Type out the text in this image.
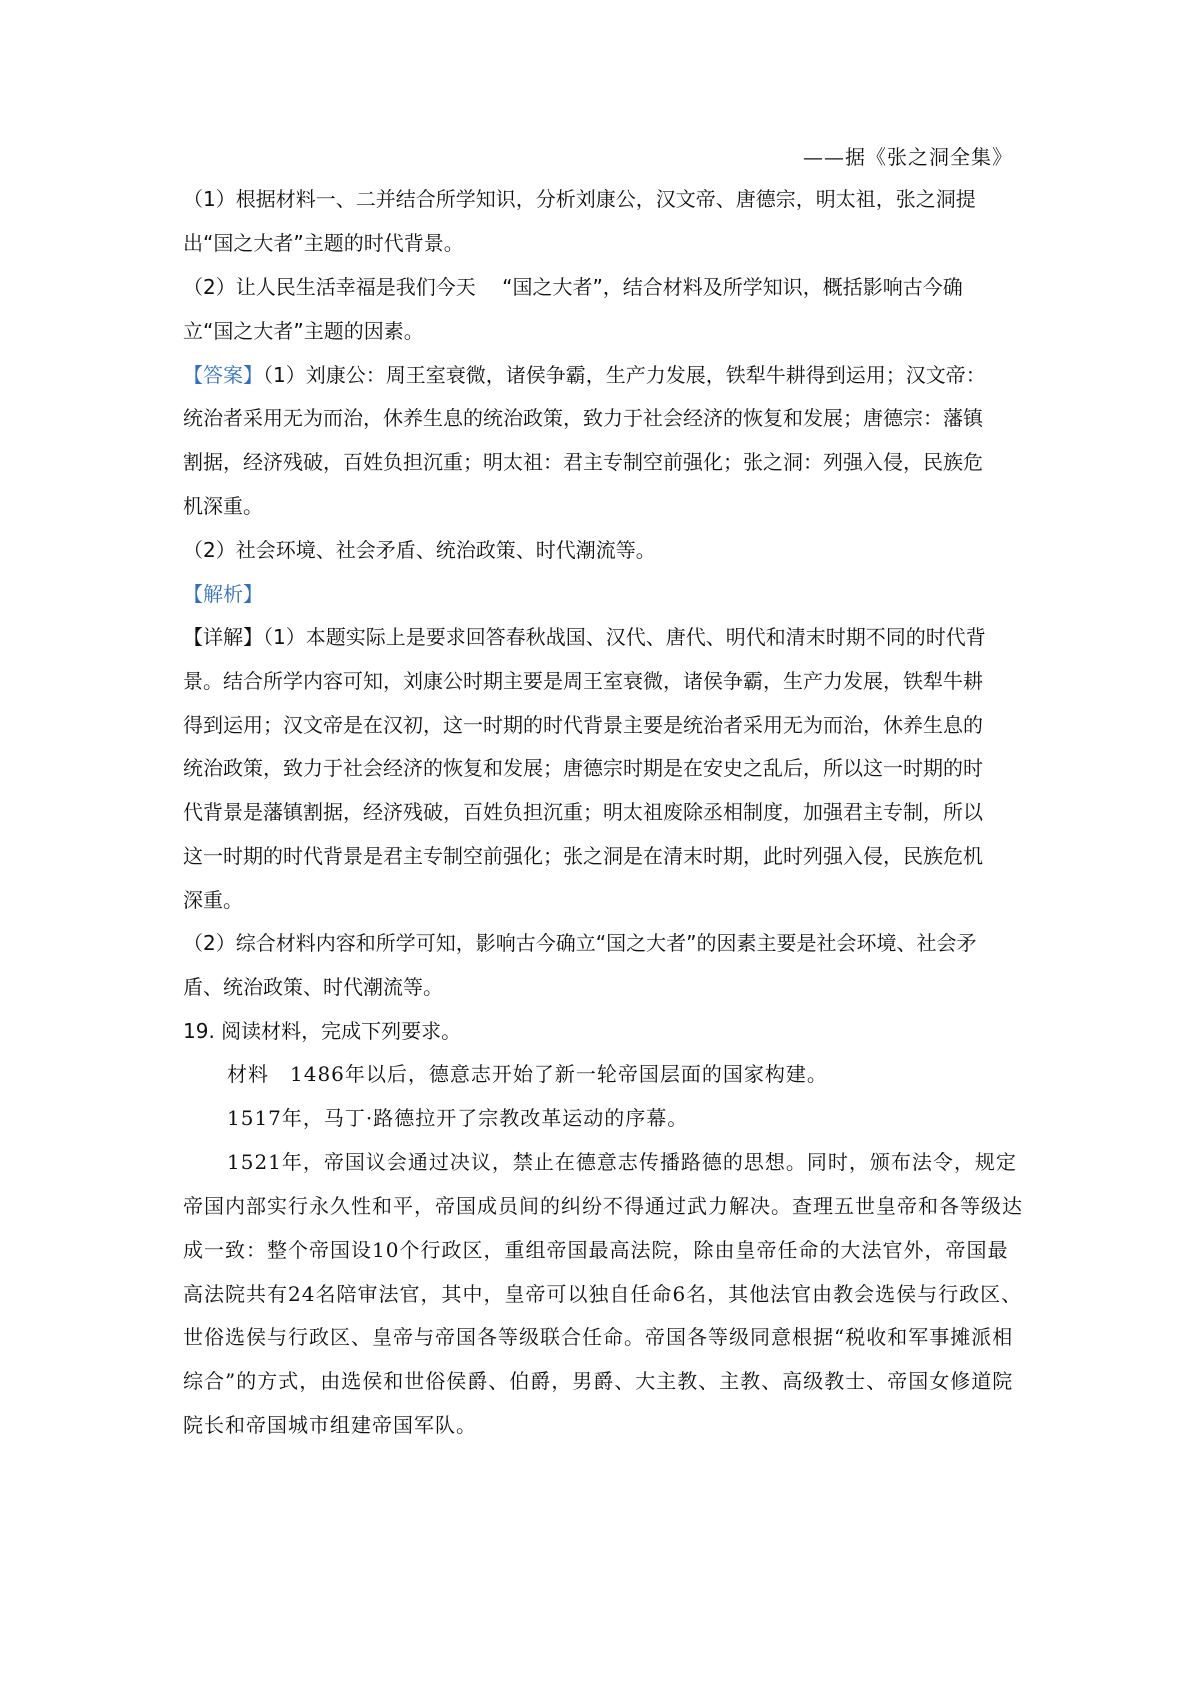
——据《张之洞全集》
（1）根据材料一、二并结合所学知识，分析刘康公，汉文帝、唐德宗，明太祖，张之洞提
出“国之大者”主题的时代背景。
（2）让人民生活幸福是我们今天 　“国之大者”，结合材料及所学知识，概括影响古今确
立“国之大者”主题的因素。
【答案】（1）刘康公：周王室衰微，诸侯争霸，生产力发展，铁犁牛耕得到运用；汉文帝：
统治者采用无为而治，休养生息的统治政策，致力于社会经济的恢复和发展；唐德宗：藩镇
割据，经济残破，百姓负担沉重；明太祖：君主专制空前强化；张之洞：列强入侵，民族危
机深重。
（2）社会环境、社会矛盾、统治政策、时代潮流等。
【解析】
【详解】（1）本题实际上是要求回答春秋战国、汉代、唐代、明代和清末时期不同的时代背
景。结合所学内容可知，刘康公时期主要是周王室衰微，诸侯争霸，生产力发展，铁犁牛耕
得到运用；汉文帝是在汉初，这一时期的时代背景主要是统治者采用无为而治，休养生息的
统治政策，致力于社会经济的恢复和发展；唐德宗时期是在安史之乱后，所以这一时期的时
代背景是藩镇割据，经济残破，百姓负担沉重；明太祖废除丞相制度，加强君主专制，所以
这一时期的时代背景是君主专制空前强化；张之洞是在清末时期，此时列强入侵，民族危机
深重。
（2）综合材料内容和所学可知，影响古今确立“国之大者”的因素主要是社会环境、社会矛
盾、统治政策、时代潮流等。
19. 阅读材料，完成下列要求。
材料　1486年以后，德意志开始了新一轮帝国层面的国家构建。
1517年，马丁·路德拉开了宗教改革运动的序幕。
1521年，帝国议会通过决议，禁止在德意志传播路德的思想。同时，颁布法令，规定
帝国内部实行永久性和平，帝国成员间的纠纷不得通过武力解决。查理五世皇帝和各等级达
成一致：整个帝国设10个行政区，重组帝国最高法院，除由皇帝任命的大法官外，帝国最
高法院共有24名陪审法官，其中，皇帝可以独自任命6名，其他法官由教会选侯与行政区、
世俗选侯与行政区、皇帝与帝国各等级联合任命。帝国各等级同意根据“税收和军事摊派相
综合”的方式，由选侯和世俗侯爵、伯爵，男爵、大主教、主教、高级教士、帝国女修道院
院长和帝国城市组建帝国军队。
